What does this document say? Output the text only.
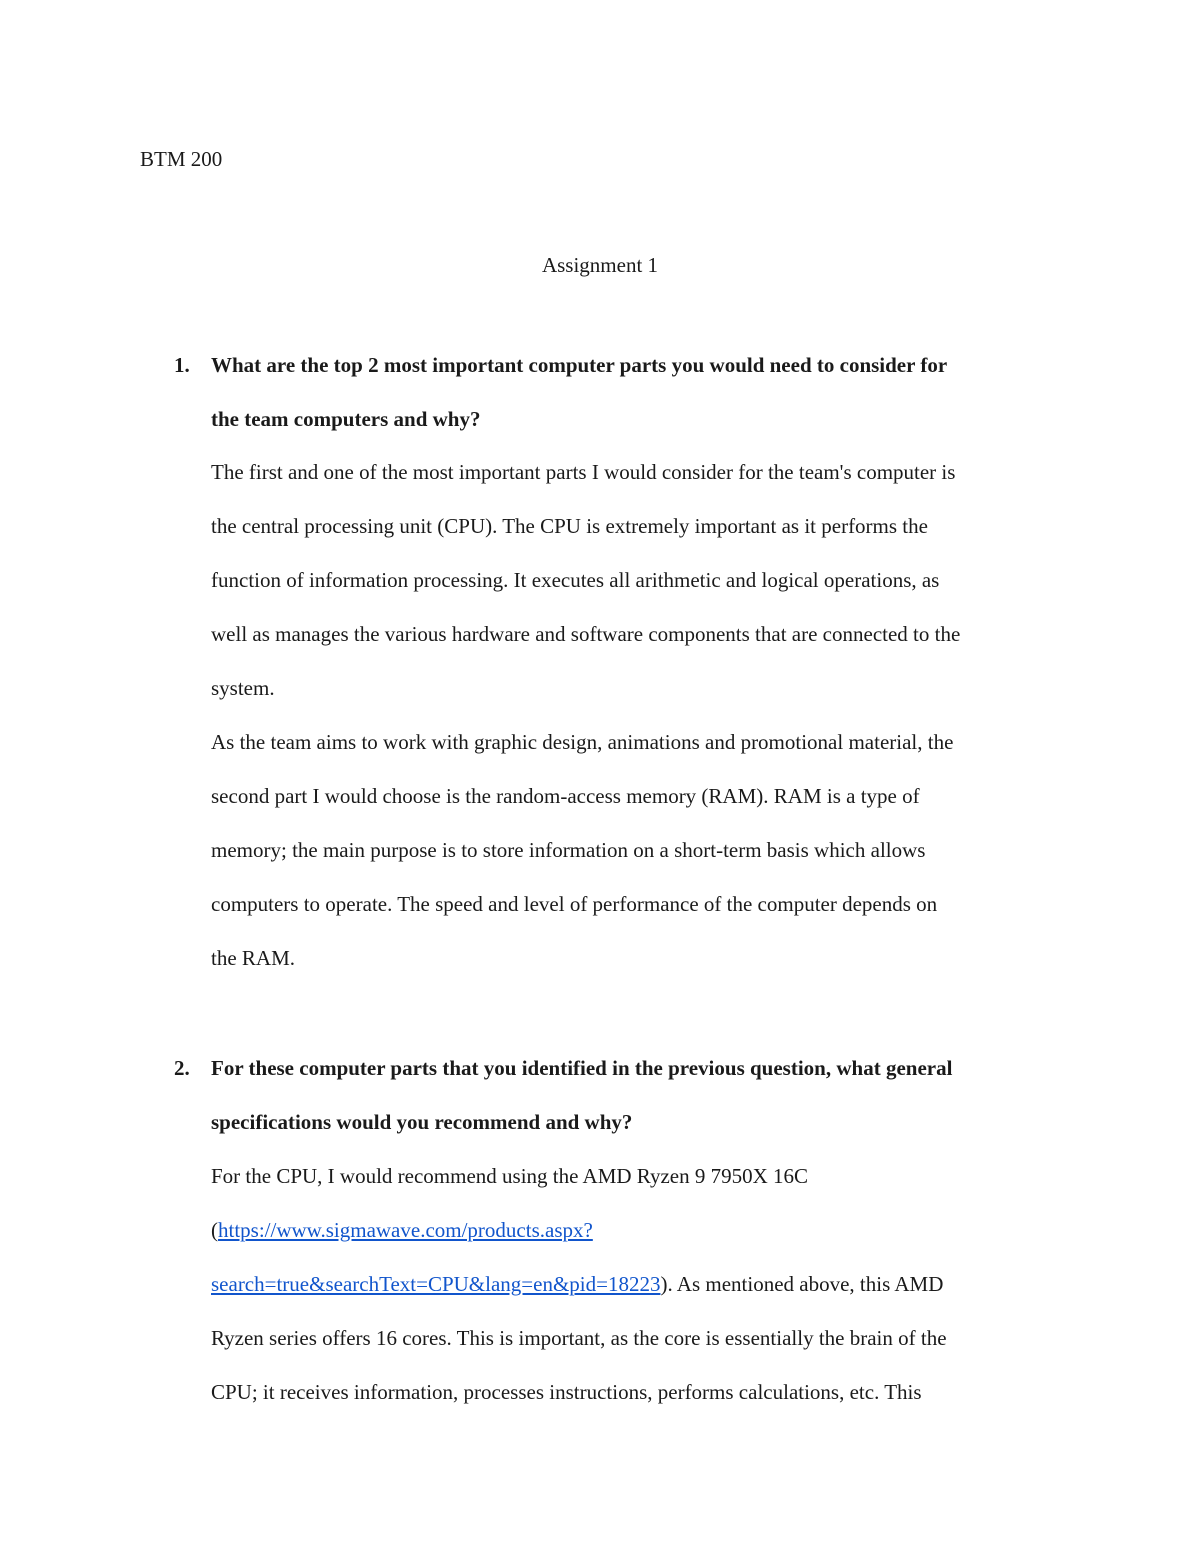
BTM 200
Assignment 1
1. What are the top 2 most important computer parts you would need to consider for
the team computers and why?
The first and one of the most important parts I would consider for the team's computer is
the central processing unit (CPU). The CPU is extremely important as it performs the
function of information processing. It executes all arithmetic and logical operations, as
well as manages the various hardware and software components that are connected to the
system.
As the team aims to work with graphic design, animations and promotional material, the
second part I would choose is the random-access memory (RAM). RAM is a type of
memory; the main purpose is to store information on a short-term basis which allows
computers to operate. The speed and level of performance of the computer depends on
the RAM.
2. For these computer parts that you identified in the previous question, what general
specifications would you recommend and why?
For the CPU, I would recommend using the AMD Ryzen 9 7950X 16C
(https://www.sigmawave.com/products.aspx?
search=true&searchText=CPU&lang=en&pid=18223). As mentioned above, this AMD
Ryzen series offers 16 cores. This is important, as the core is essentially the brain of the
CPU; it receives information, processes instructions, performs calculations, etc. This
